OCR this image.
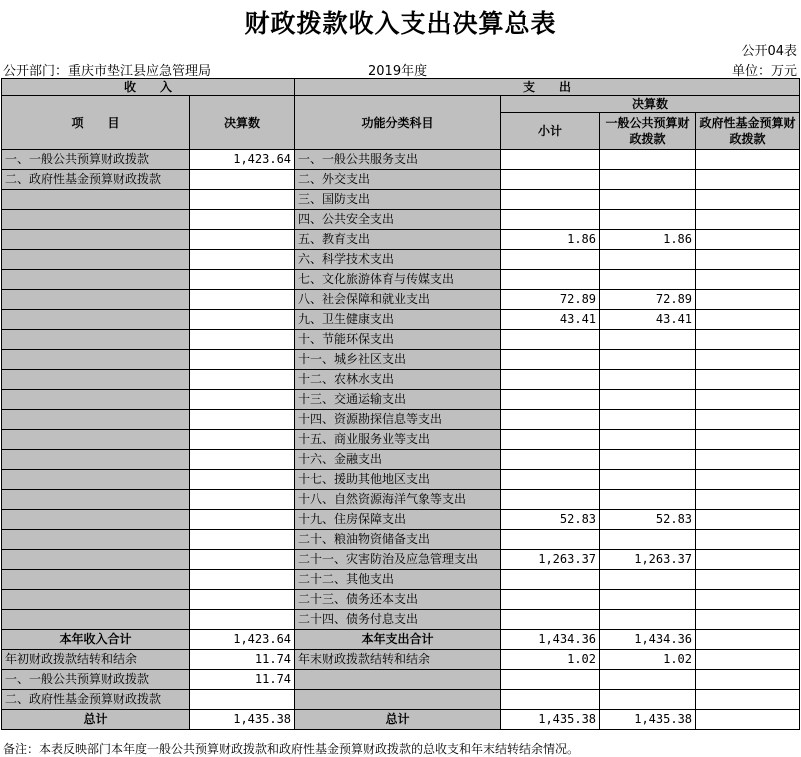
财政拨款收入支出决算总表
公开04表
公开部门：重庆市垫江县应急管理局	2019年度	单位：万元
收　　入		支　　出			
项　　目	决算数	功能分类科目	决算数		
			小计	一般公共预算财政拨款	政府性基金预算财政拨款
一、一般公共预算财政拨款	1,423.64	一、一般公共服务支出			
二、政府性基金预算财政拨款		二、外交支出			
		三、国防支出			
		四、公共安全支出			
		五、教育支出	1.86	1.86	
		六、科学技术支出			
		七、文化旅游体育与传媒支出			
		八、社会保障和就业支出	72.89	72.89	
		九、卫生健康支出	43.41	43.41	
		十、节能环保支出			
		十一、城乡社区支出			
		十二、农林水支出			
		十三、交通运输支出			
		十四、资源勘探信息等支出			
		十五、商业服务业等支出			
		十六、金融支出			
		十七、援助其他地区支出			
		十八、自然资源海洋气象等支出			
		十九、住房保障支出	52.83	52.83	
		二十、粮油物资储备支出			
		二十一、灾害防治及应急管理支出	1,263.37	1,263.37	
		二十二、其他支出			
		二十三、债务还本支出			
		二十四、债务付息支出			
本年收入合计	1,423.64	本年支出合计	1,434.36	1,434.36	
年初财政拨款结转和结余	11.74	年末财政拨款结转和结余	1.02	1.02	
一、一般公共预算财政拨款	11.74				
二、政府性基金预算财政拨款					
总计	1,435.38	总计	1,435.38	1,435.38	
备注：本表反映部门本年度一般公共预算财政拨款和政府性基金预算财政拨款的总收支和年末结转结余情况。
